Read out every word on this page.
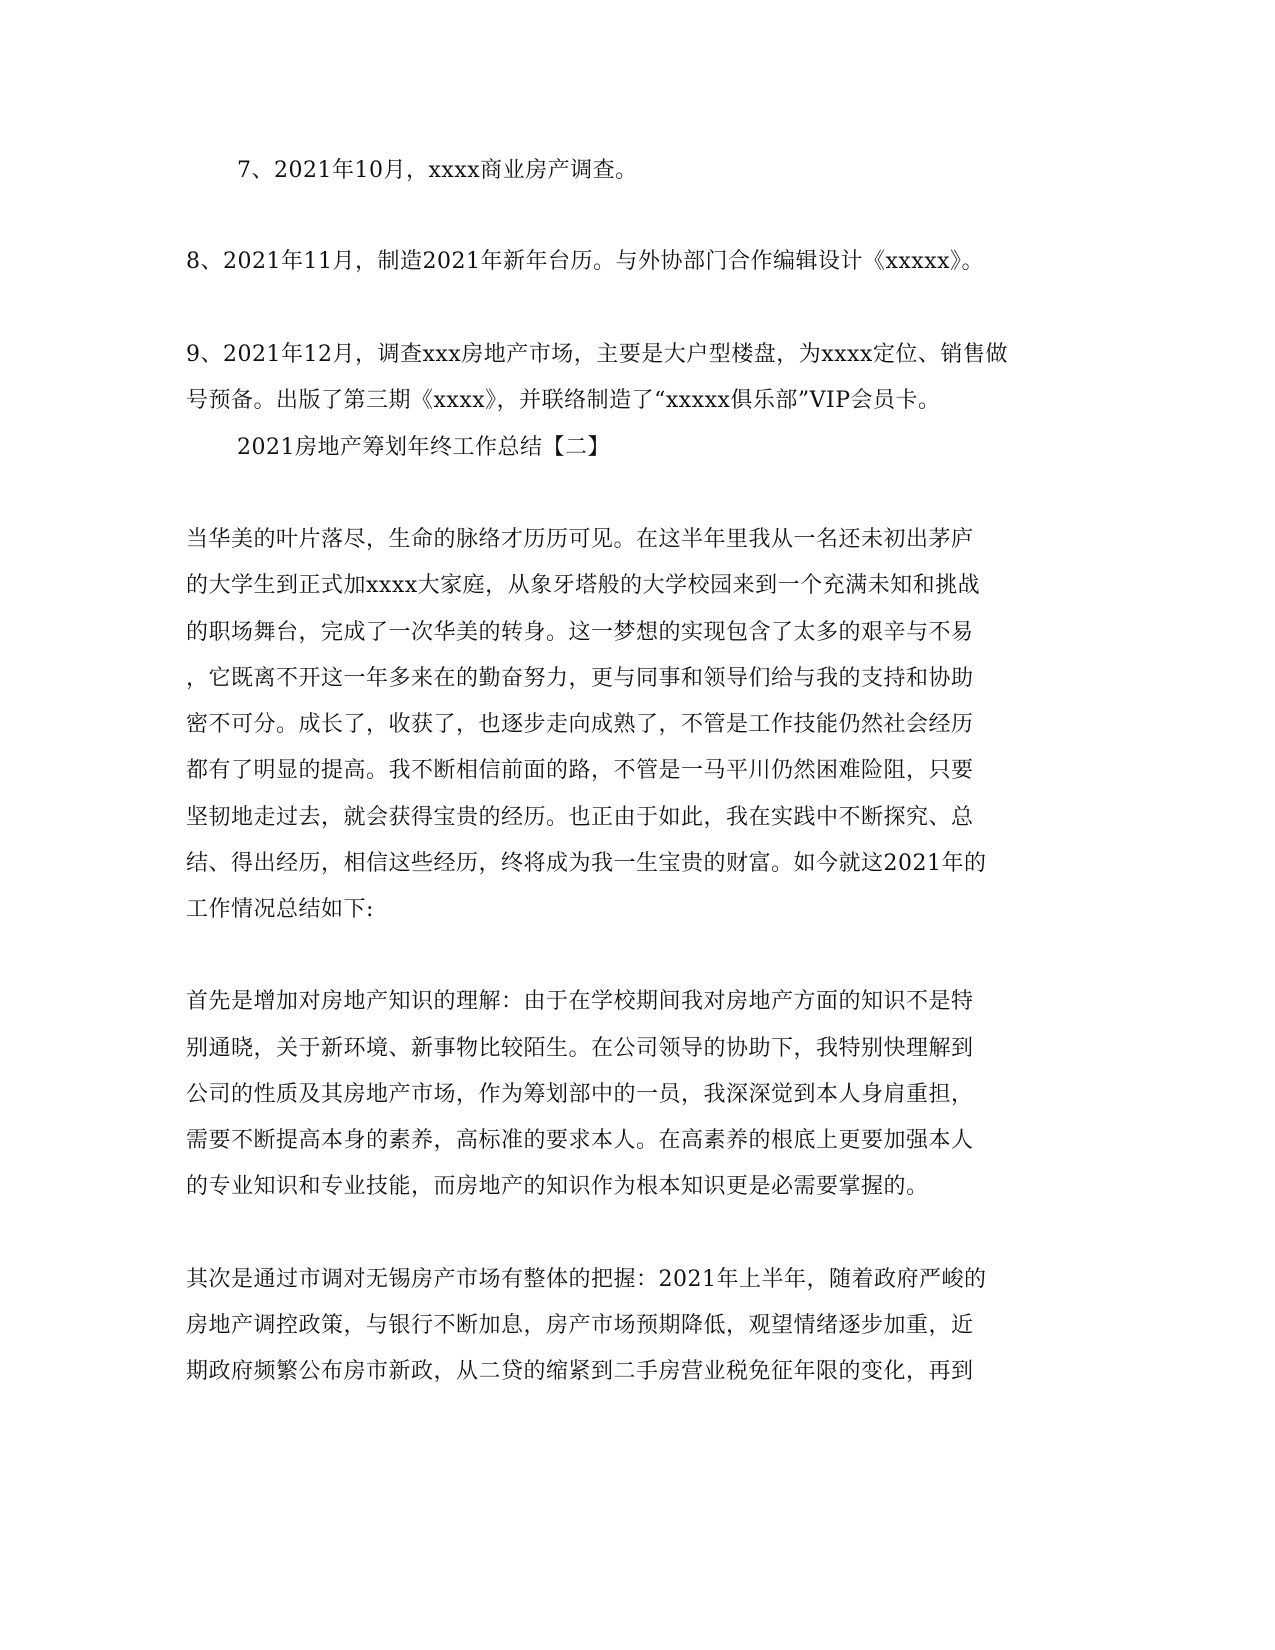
7、2021年10月，xxxx商业房产调查。
8、2021年11月，制造2021年新年台历。与外协部门合作编辑设计《xxxxx》。
9、2021年12月，调查xxx房地产市场，主要是大户型楼盘，为xxxx定位、销售做
号预备。出版了第三期《xxxx》，并联络制造了“xxxxx俱乐部”VIP会员卡。
2021房地产筹划年终工作总结【二】
当华美的叶片落尽，生命的脉络才历历可见。在这半年里我从一名还未初出茅庐
的大学生到正式加xxxx大家庭，从象牙塔般的大学校园来到一个充满未知和挑战
的职场舞台，完成了一次华美的转身。这一梦想的实现包含了太多的艰辛与不易
，它既离不开这一年多来在的勤奋努力，更与同事和领导们给与我的支持和协助
密不可分。成长了，收获了，也逐步走向成熟了，不管是工作技能仍然社会经历
都有了明显的提高。我不断相信前面的路，不管是一马平川仍然困难险阻，只要
坚韧地走过去，就会获得宝贵的经历。也正由于如此，我在实践中不断探究、总
结、得出经历，相信这些经历，终将成为我一生宝贵的财富。如今就这2021年的
工作情况总结如下:
首先是增加对房地产知识的理解：由于在学校期间我对房地产方面的知识不是特
别通晓，关于新环境、新事物比较陌生。在公司领导的协助下，我特别快理解到
公司的性质及其房地产市场，作为筹划部中的一员，我深深觉到本人身肩重担，
需要不断提高本身的素养，高标准的要求本人。在高素养的根底上更要加强本人
的专业知识和专业技能，而房地产的知识作为根本知识更是必需要掌握的。
其次是通过市调对无锡房产市场有整体的把握：2021年上半年，随着政府严峻的
房地产调控政策，与银行不断加息，房产市场预期降低，观望情绪逐步加重，近
期政府频繁公布房市新政，从二贷的缩紧到二手房营业税免征年限的变化，再到
